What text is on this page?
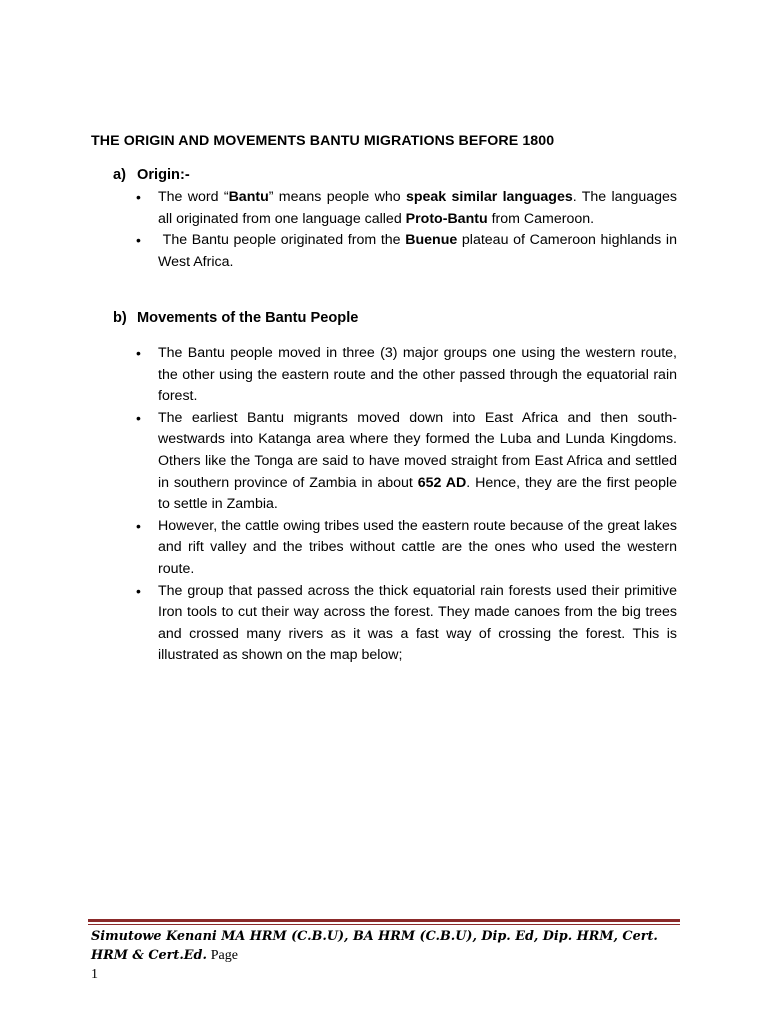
THE ORIGIN AND MOVEMENTS BANTU MIGRATIONS BEFORE 1800
a) Origin:-
• The word “Bantu” means people who speak similar languages. The languages all originated from one language called Proto-Bantu from Cameroon.
•  The Bantu people originated from the Buenue plateau of Cameroon highlands in West Africa.
b) Movements of the Bantu People
• The Bantu people moved in three (3) major groups one using the western route, the other using the eastern route and the other passed through the equatorial rain forest.
• The earliest Bantu migrants moved down into East Africa and then south-westwards into Katanga area where they formed the Luba and Lunda Kingdoms. Others like the Tonga are said to have moved straight from East Africa and settled in southern province of Zambia in about 652 AD. Hence, they are the first people to settle in Zambia.
• However, the cattle owing tribes used the eastern route because of the great lakes and rift valley and the tribes without cattle are the ones who used the western route.
• The group that passed across the thick equatorial rain forests used their primitive Iron tools to cut their way across the forest. They made canoes from the big trees and crossed many rivers as it was a fast way of crossing the forest. This is illustrated as shown on the map below;
Simutowe Kenani MA HRM (C.B.U), BA HRM (C.B.U), Dip. Ed, Dip. HRM, Cert. HRM & Cert.Ed. Page
1
